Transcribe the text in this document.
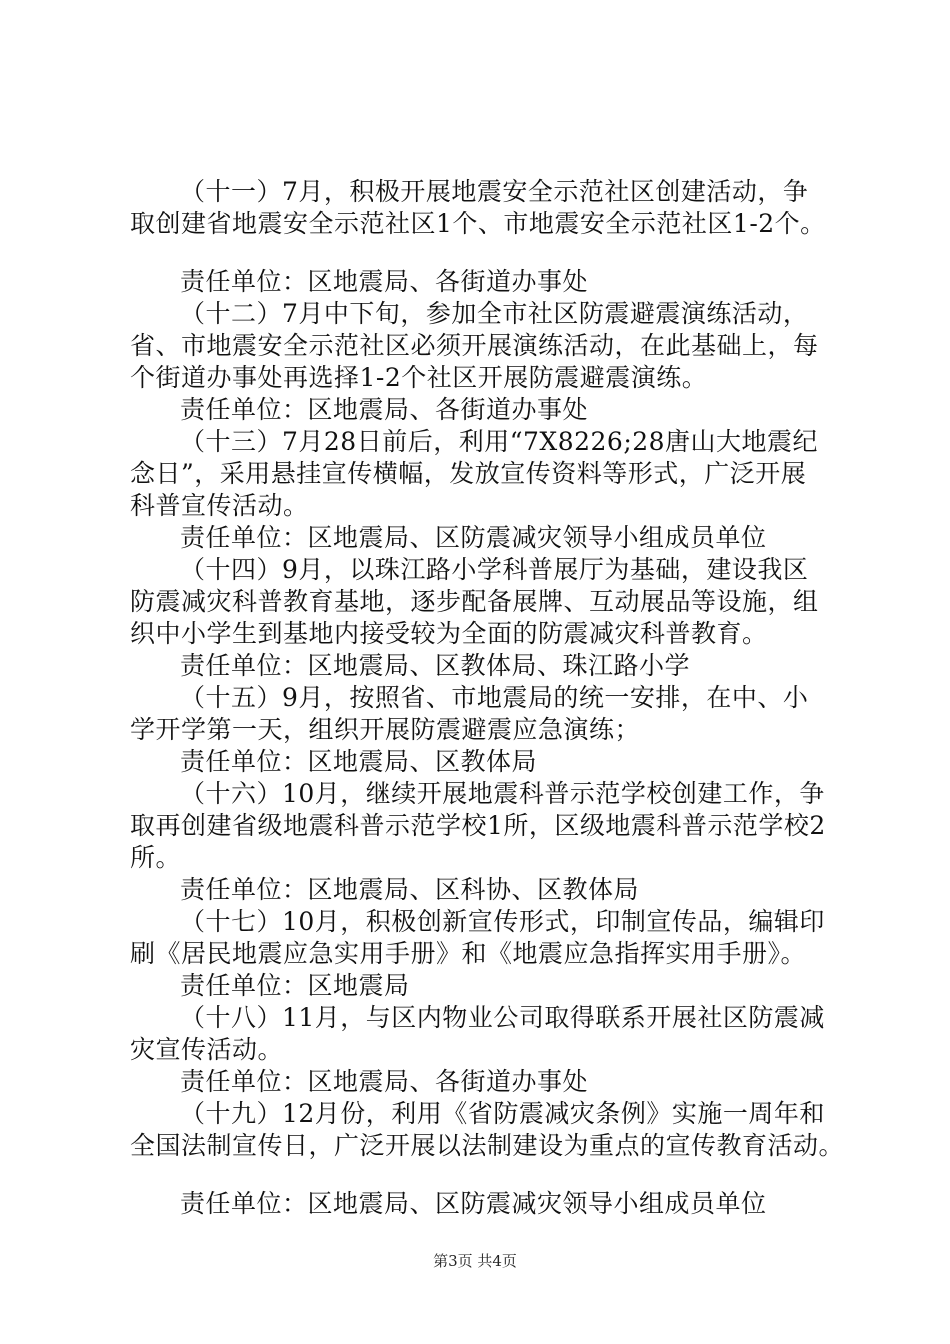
（十一）7月，积极开展地震安全示范社区创建活动，争
取创建省地震安全示范社区1个、市地震安全示范社区1-2个。
责任单位：区地震局、各街道办事处
（十二）7月中下旬，参加全市社区防震避震演练活动，
省、市地震安全示范社区必须开展演练活动，在此基础上，每
个街道办事处再选择1-2个社区开展防震避震演练。
责任单位：区地震局、各街道办事处
（十三）7月28日前后，利用“7X8226;28唐山大地震纪
念日”，采用悬挂宣传横幅，发放宣传资料等形式，广泛开展
科普宣传活动。
责任单位：区地震局、区防震减灾领导小组成员单位
（十四）9月，以珠江路小学科普展厅为基础，建设我区
防震减灾科普教育基地，逐步配备展牌、互动展品等设施，组
织中小学生到基地内接受较为全面的防震减灾科普教育。
责任单位：区地震局、区教体局、珠江路小学
（十五）9月，按照省、市地震局的统一安排，在中、小
学开学第一天，组织开展防震避震应急演练；
责任单位：区地震局、区教体局
（十六）10月，继续开展地震科普示范学校创建工作，争
取再创建省级地震科普示范学校1所，区级地震科普示范学校2
所。
责任单位：区地震局、区科协、区教体局
（十七）10月，积极创新宣传形式，印制宣传品，编辑印
刷《居民地震应急实用手册》和《地震应急指挥实用手册》。
责任单位：区地震局
（十八）11月，与区内物业公司取得联系开展社区防震减
灾宣传活动。
责任单位：区地震局、各街道办事处
（十九）12月份，利用《省防震减灾条例》实施一周年和
全国法制宣传日，广泛开展以法制建设为重点的宣传教育活动。
责任单位：区地震局、区防震减灾领导小组成员单位
第3页 共4页
